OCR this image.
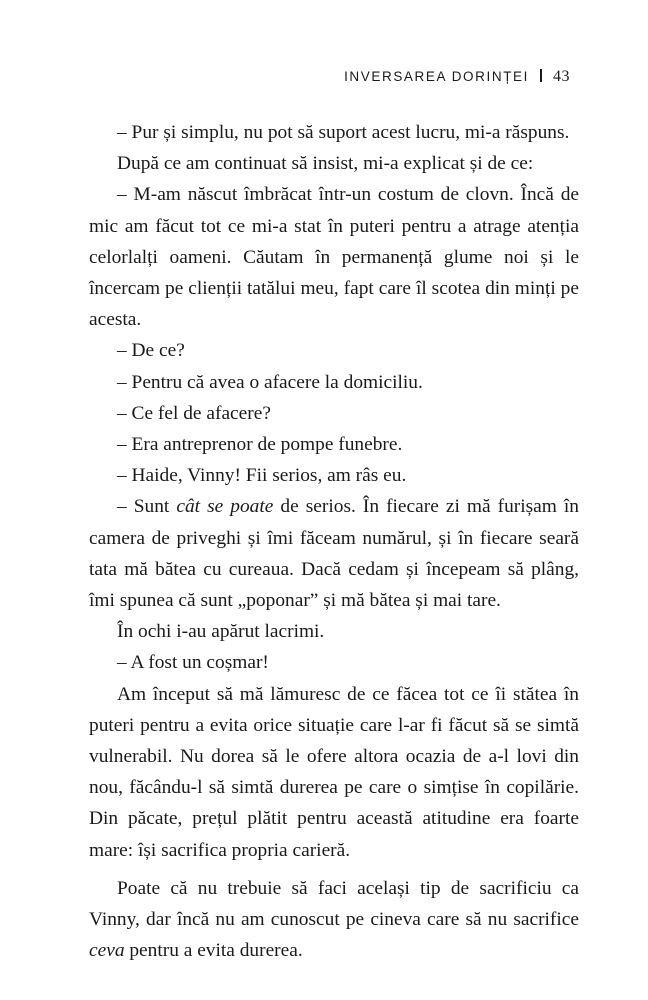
INVERSAREA DORINȚEI 43

– Pur și simplu, nu pot să suport acest lucru, mi-a răspuns.

După ce am continuat să insist, mi-a explicat și de ce:

– M-am născut îmbrăcat într-un costum de clovn. Încă de mic am făcut tot ce mi-a stat în puteri pentru a atrage atenția celorlalți oameni. Căutam în permanență glume noi și le încercam pe clienții tatălui meu, fapt care îl scotea din minți pe acesta.

– De ce?

– Pentru că avea o afacere la domiciliu.

– Ce fel de afacere?

– Era antreprenor de pompe funebre.

– Haide, Vinny! Fii serios, am râs eu.

– Sunt cât se poate de serios. În fiecare zi mă furișam în camera de priveghi și îmi făceam numărul, și în fiecare seară tata mă bătea cu cureaua. Dacă cedam și începeam să plâng, îmi spunea că sunt „poponar” și mă bătea și mai tare.

În ochi i-au apărut lacrimi.

– A fost un coșmar!

Am început să mă lămuresc de ce făcea tot ce îi stătea în puteri pentru a evita orice situație care l-ar fi făcut să se simtă vulnerabil. Nu dorea să le ofere altora ocazia de a-l lovi din nou, făcându-l să simtă durerea pe care o simțise în copilărie. Din păcate, prețul plătit pentru această atitudine era foarte mare: își sacrifica propria carieră.

Poate că nu trebuie să faci același tip de sacrificiu ca Vinny, dar încă nu am cunoscut pe cineva care să nu sacrifice ceva pentru a evita durerea.
